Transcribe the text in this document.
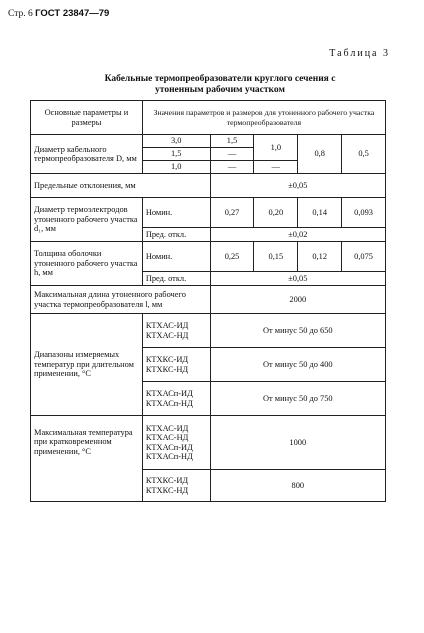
Стр. 6 ГОСТ 23847—79
Таблица 3
Кабельные термопреобразователи круглого сечения с утоненным рабочим участком
Основные параметры и размеры	Значения параметров и размеров для утоненного рабочего участка термопреобразователя				
Диаметр кабельного термопреобразователя D, мм	3,0	1,5	1,0	0,8	0,5
	1,5	—			
	1,0	—	—		
Предельные отклонения, мм		±0,05			
Диаметр термоэлектродов утоненного рабочего участка d₁, мм	Номин.	0,27	0,20	0,14	0,093
	Пред. откл.	±0,02			
Толщина оболочки утоненного рабочего участка h, мм	Номин.	0,25	0,15	0,12	0,075
	Пред. откл.	±0,05			
Максимальная длина утоненного рабочего участка термопреобразователя l, мм		2000			
Диапазоны измеряемых температур при длительном применении, °С	КТХАС-ИД
КТХАС-НД	От минус 50 до 650			
	КТХКС-ИД
КТХКС-НД	От минус 50 до 400			
	КТХАСп-ИД
КТХАСп-НД	От минус 50 до 750			
Максимальная температура при кратковременном применении, °С	КТХАС-ИД
КТХАС-НД
КТХАСп-ИД
КТХАСп-НД	1000			
	КТХКС-ИД
КТХКС-НД	800			
